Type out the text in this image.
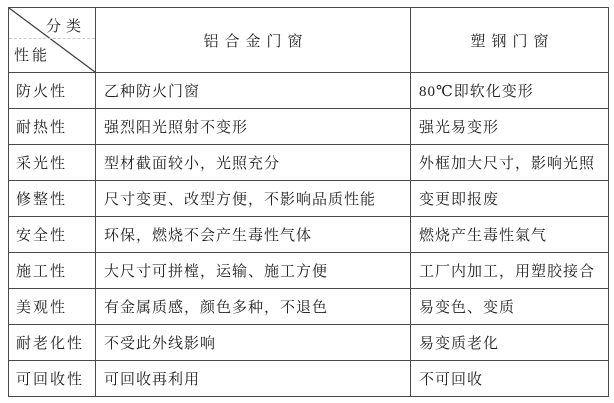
分类
性能	铝合金门窗	塑钢门窗
防火性	乙种防火门窗	80℃即软化变形
耐热性	强烈阳光照射不变形	强光易变形
采光性	型材截面较小，光照充分	外框加大尺寸，影响光照
修整性	尺寸变更、改型方便，不影响品质性能	变更即报废
安全性	环保，燃烧不会产生毒性气体	燃烧产生毒性氣气
施工性	大尺寸可拼樘，运输、施工方便	工厂内加工，用塑胶接合
美观性	有金属质感，颜色多种，不退色	易变色、变质
耐老化性	不受此外线影响	易变质老化
可回收性	可回收再利用	不可回收
